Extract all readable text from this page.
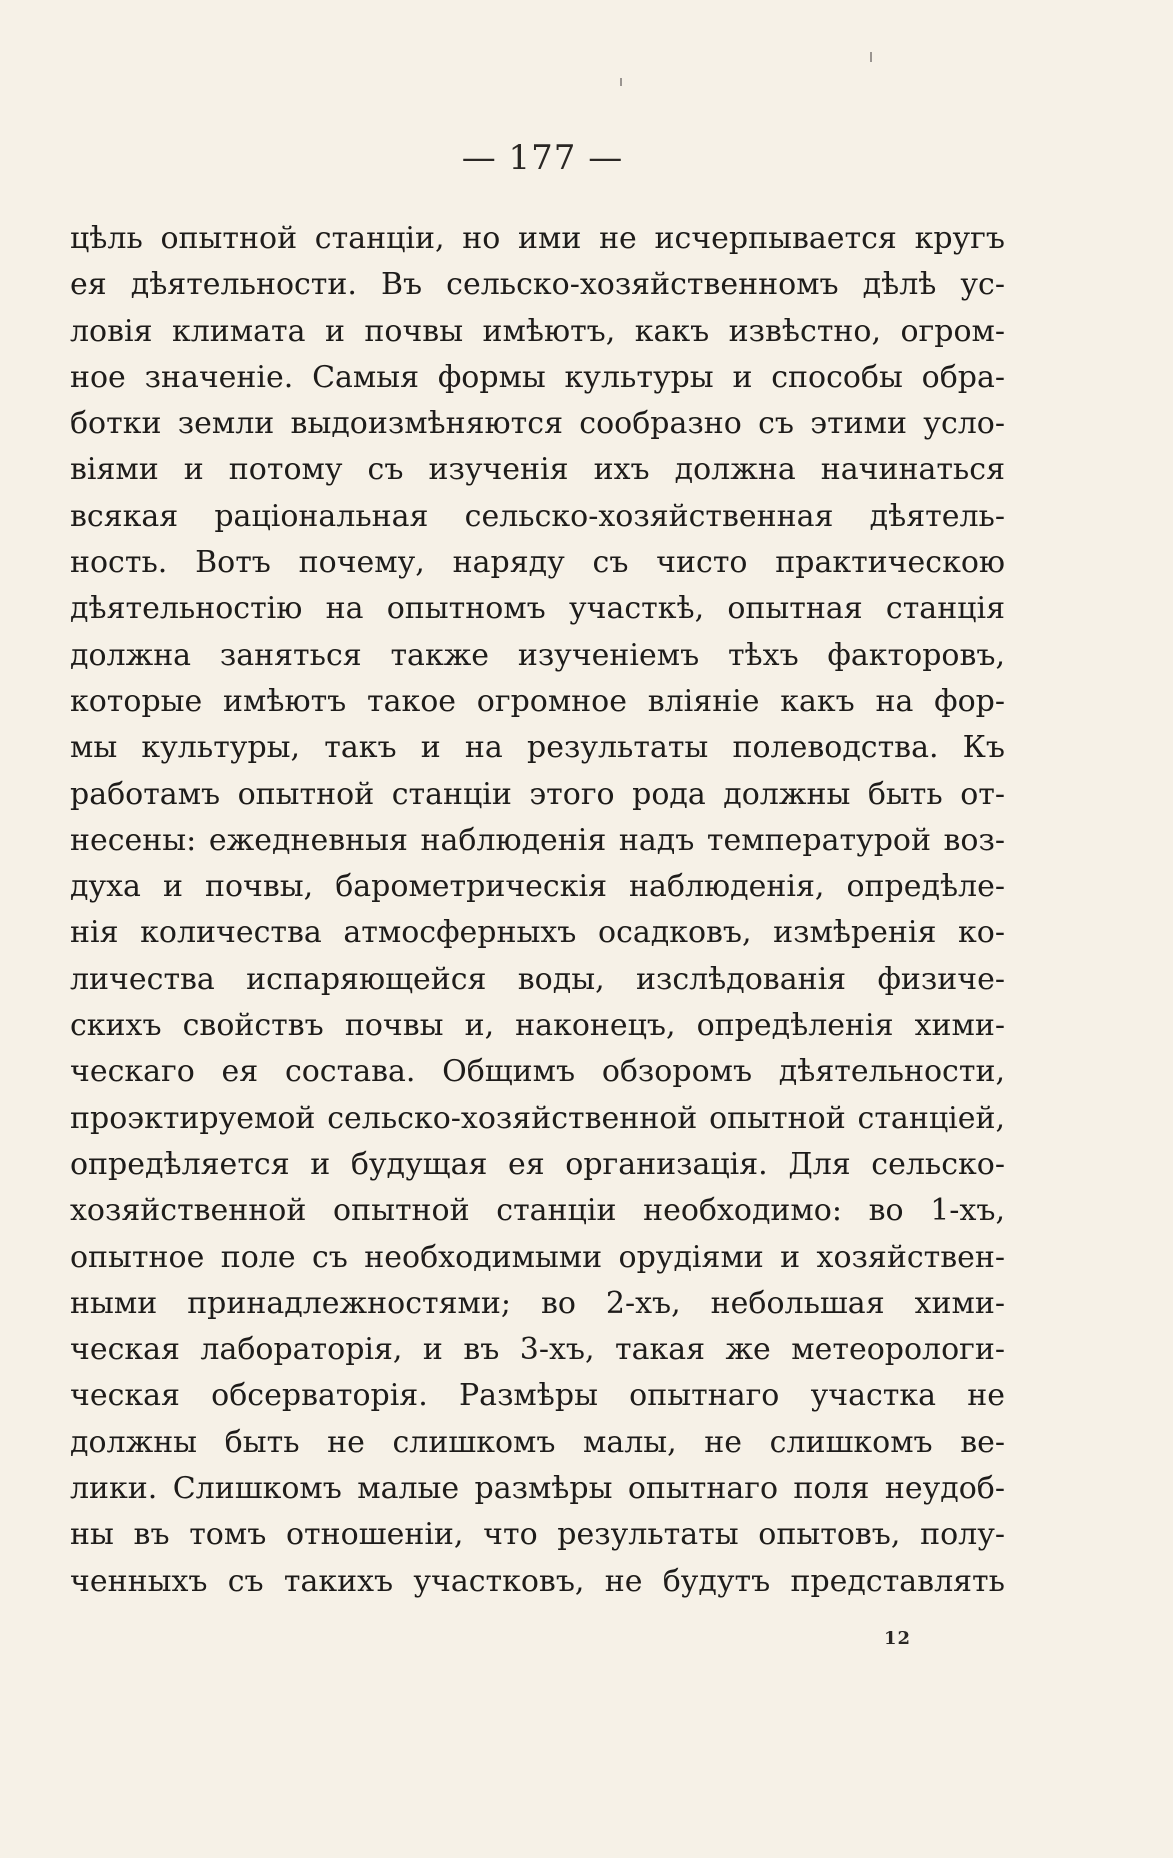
— 177 —
цѣль опытной станціи, но ими не исчерпывается кругъ
ея дѣятельности. Въ сельско-хозяйственномъ дѣлѣ ус-
ловія климата и почвы имѣютъ, какъ извѣстно, огром-
ное значеніе. Самыя формы культуры и способы обра-
ботки земли выдоизмѣняются сообразно съ этими усло-
віями и потому съ изученія ихъ должна начинаться
всякая раціональная сельско-хозяйственная дѣятель-
ность. Вотъ почему, наряду съ чисто практическою
дѣятельностію на опытномъ участкѣ, опытная станція
должна заняться также изученіемъ тѣхъ факторовъ,
которые имѣютъ такое огромное вліяніе какъ на фор-
мы культуры, такъ и на результаты полеводства. Къ
работамъ опытной станціи этого рода должны быть от-
несены: ежедневныя наблюденія надъ температурой воз-
духа и почвы, барометрическія наблюденія, опредѣле-
нія количества атмосферныхъ осадковъ, измѣренія ко-
личества испаряющейся воды, изслѣдованія физиче-
скихъ свойствъ почвы и, наконецъ, опредѣленія хими-
ческаго ея состава. Общимъ обзоромъ дѣятельности,
проэктируемой сельско-хозяйственной опытной станціей,
опредѣляется и будущая ея организація. Для сельско-
хозяйственной опытной станціи необходимо: во 1-хъ,
опытное поле съ необходимыми орудіями и хозяйствен-
ными принадлежностями; во 2-хъ, небольшая хими-
ческая лабораторія, и въ 3-хъ, такая же метеорологи-
ческая обсерваторія. Размѣры опытнаго участка не
должны быть не слишкомъ малы, не слишкомъ ве-
лики. Слишкомъ малые размѣры опытнаго поля неудоб-
ны въ томъ отношеніи, что результаты опытовъ, полу-
ченныхъ съ такихъ участковъ, не будутъ представлять
12
